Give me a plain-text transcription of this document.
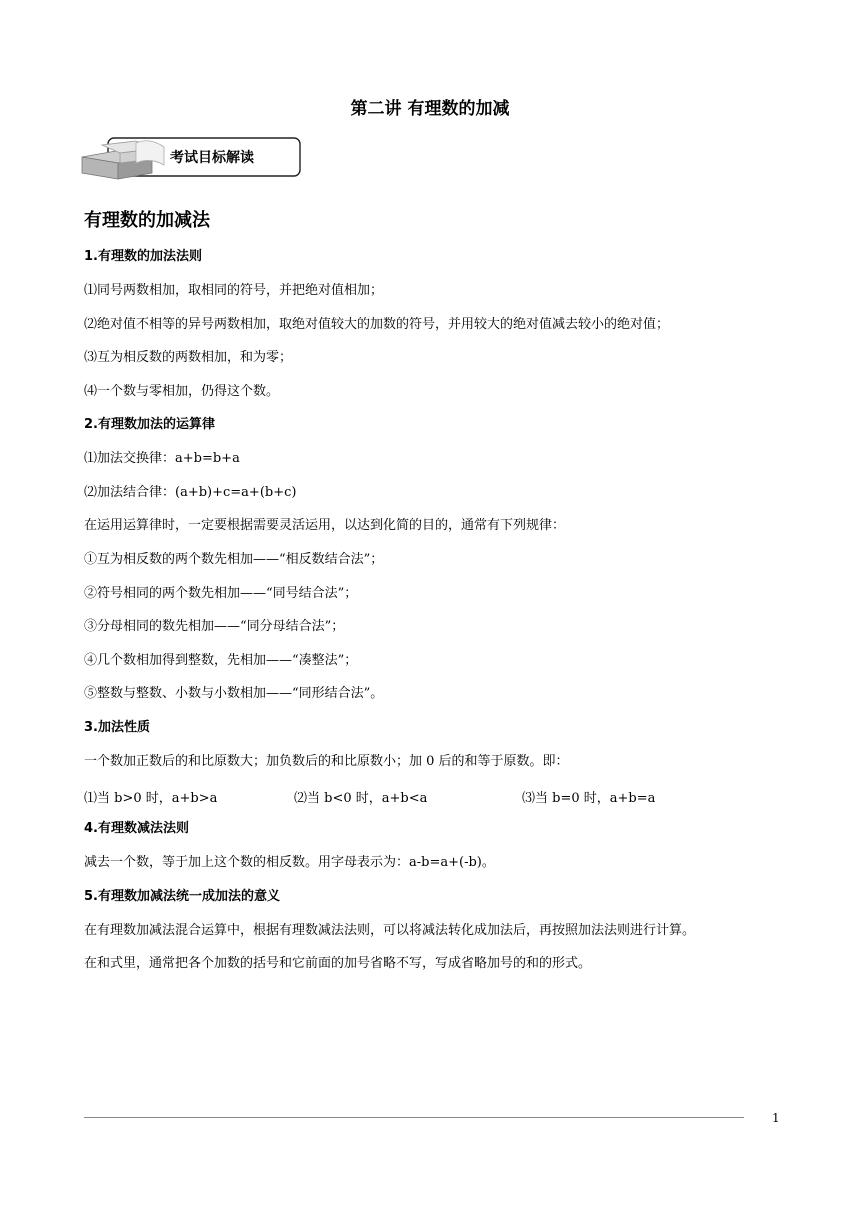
第二讲 有理数的加减
考试目标解读
有理数的加减法
1.有理数的加法法则
⑴同号两数相加，取相同的符号，并把绝对值相加；
⑵绝对值不相等的异号两数相加，取绝对值较大的加数的符号，并用较大的绝对值减去较小的绝对值；
⑶互为相反数的两数相加，和为零；
⑷一个数与零相加，仍得这个数。
2.有理数加法的运算律
⑴加法交换律：a+b=b+a
⑵加法结合律：(a+b)+c=a+(b+c)
在运用运算律时，一定要根据需要灵活运用，以达到化简的目的，通常有下列规律：
①互为相反数的两个数先相加——“相反数结合法”；
②符号相同的两个数先相加——“同号结合法”；
③分母相同的数先相加——“同分母结合法”；
④几个数相加得到整数，先相加——“凑整法”；
⑤整数与整数、小数与小数相加——“同形结合法”。
3.加法性质
一个数加正数后的和比原数大；加负数后的和比原数小；加 0 后的和等于原数。即：
⑴当 b>0 时，a+b>a	⑵当 b<0 时，a+b<a	⑶当 b=0 时，a+b=a
4.有理数减法法则
减去一个数，等于加上这个数的相反数。用字母表示为：a-b=a+(-b)。
5.有理数加减法统一成加法的意义
在有理数加减法混合运算中，根据有理数减法法则，可以将减法转化成加法后，再按照加法法则进行计算。
在和式里，通常把各个加数的括号和它前面的加号省略不写，写成省略加号的和的形式。
1
